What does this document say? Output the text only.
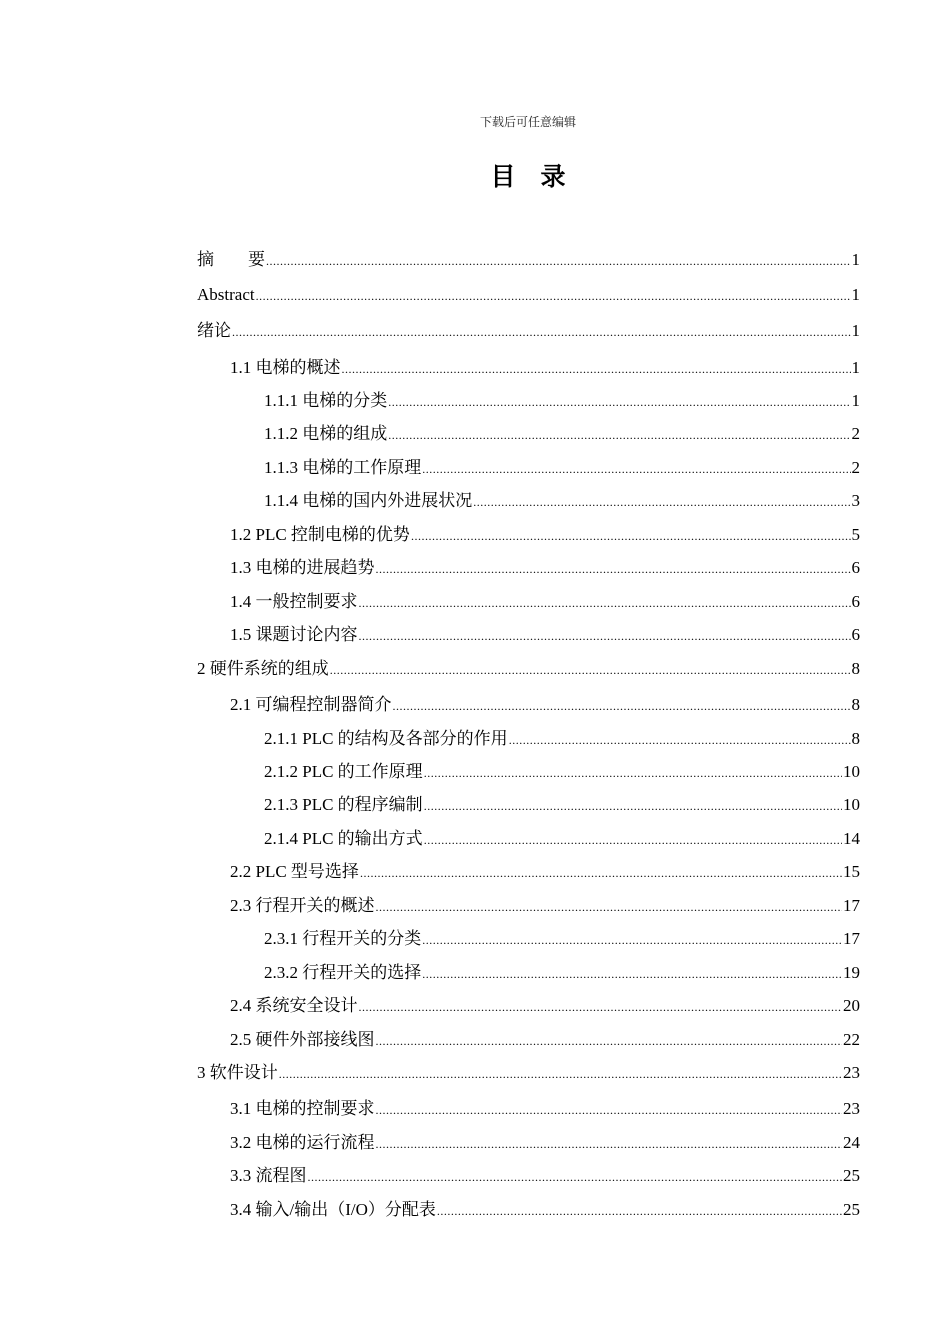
下载后可任意编辑
目　录
摘　　要 .....	1
Abstract .....	1
绪论 .....	1
1.1 电梯的概述 .....	1
1.1.1 电梯的分类 .....	1
1.1.2 电梯的组成 .....	2
1.1.3 电梯的工作原理 .....	2
1.1.4 电梯的国内外进展状况 .....	3
1.2 PLC 控制电梯的优势 .....	5
1.3 电梯的进展趋势 .....	6
1.4 一般控制要求 .....	6
1.5 课题讨论内容 .....	6
2 硬件系统的组成 .....	8
2.1 可编程控制器简介 .....	8
2.1.1 PLC 的结构及各部分的作用 .....	8
2.1.2 PLC 的工作原理 .....	10
2.1.3 PLC 的程序编制 .....	10
2.1.4 PLC 的输出方式 .....	14
2.2 PLC 型号选择 .....	15
2.3 行程开关的概述 .....	17
2.3.1 行程开关的分类 .....	17
2.3.2 行程开关的选择 .....	19
2.4 系统安全设计 .....	20
2.5 硬件外部接线图 .....	22
3 软件设计 .....	23
3.1 电梯的控制要求 .....	23
3.2 电梯的运行流程 .....	24
3.3 流程图 .....	25
3.4 输入/输出（I/O）分配表 .....	25
